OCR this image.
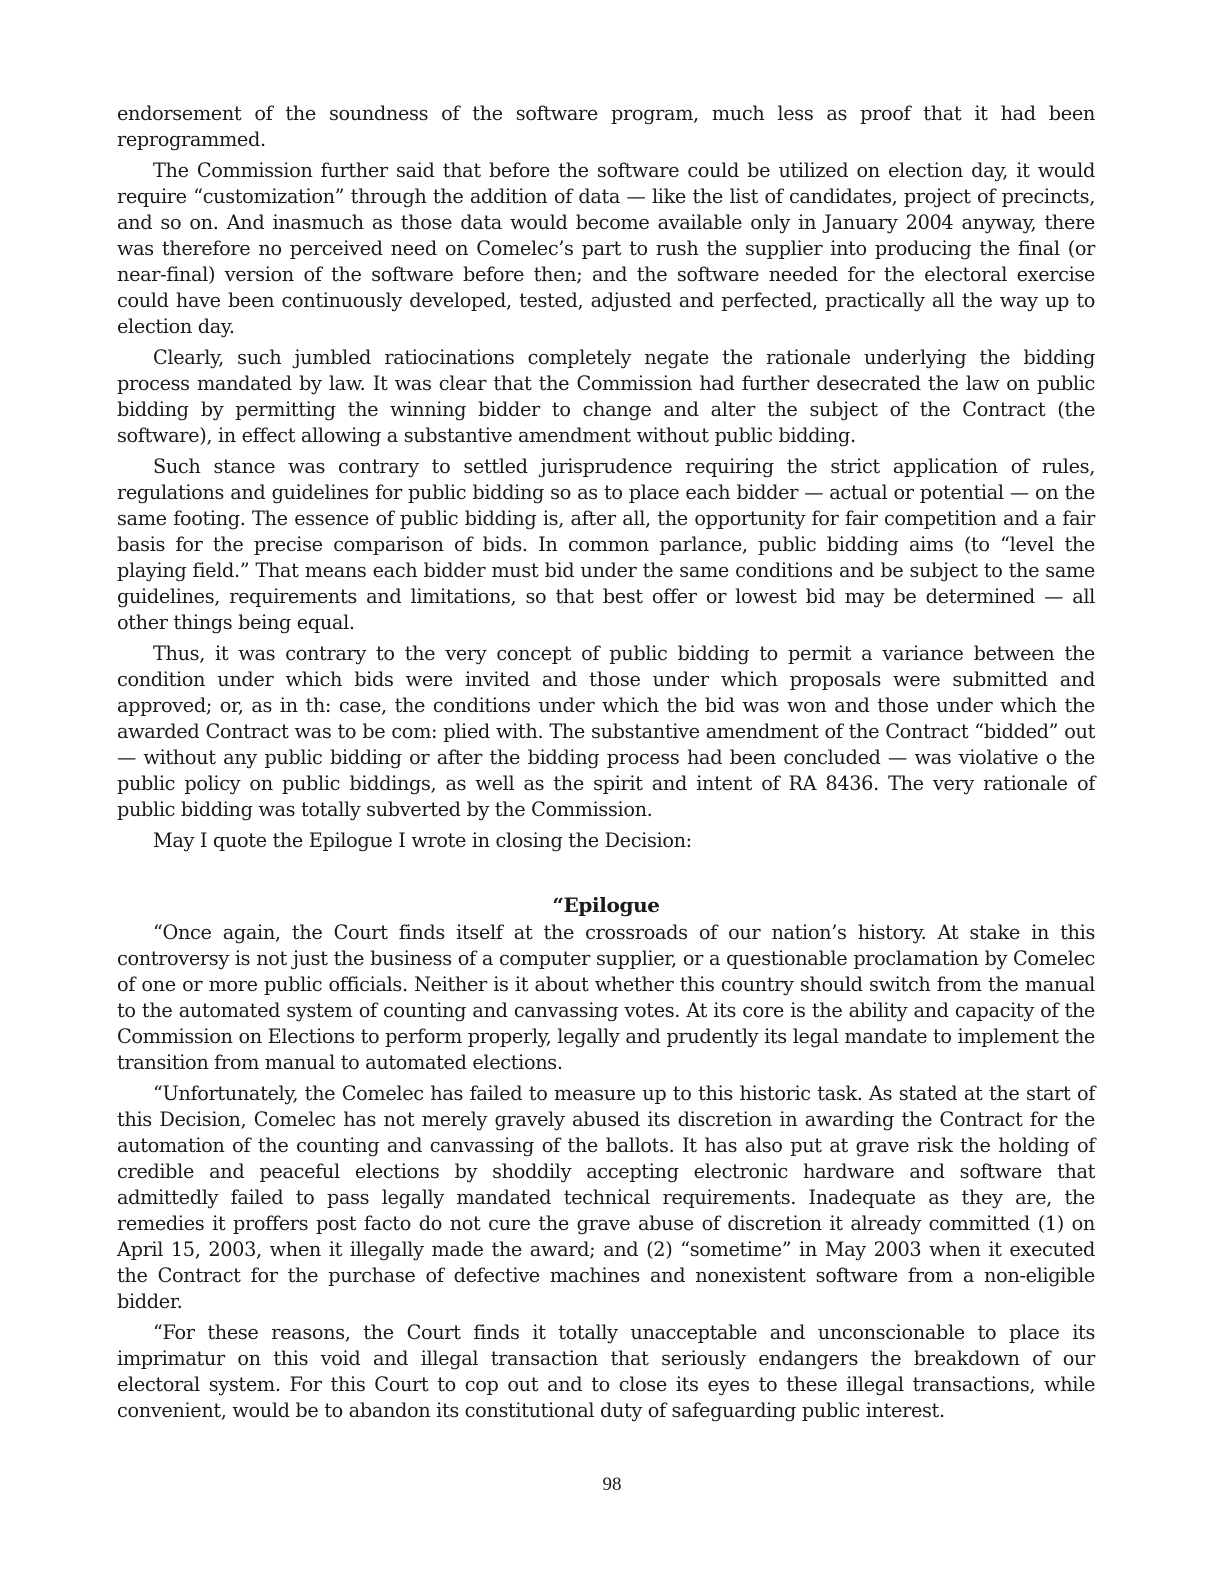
endorsement of the soundness of the software program, much less as proof that it had been reprogrammed.

The Commission further said that before the software could be utilized on election day, it would require “customization” through the addition of data — like the list of candidates, project of precincts, and so on. And inasmuch as those data would become available only in January 2004 anyway, there was therefore no perceived need on Comelec’s part to rush the supplier into producing the final (or near-final) version of the software before then; and the software needed for the electoral exercise could have been continuously developed, tested, adjusted and perfected, practically all the way up to election day.

Clearly, such jumbled ratiocinations completely negate the rationale underlying the bidding process mandated by law. It was clear that the Commission had further desecrated the law on public bidding by permitting the winning bidder to change and alter the subject of the Contract (the software), in effect allowing a substantive amendment without public bidding.

Such stance was contrary to settled jurisprudence requiring the strict application of rules, regulations and guidelines for public bidding so as to place each bidder — actual or potential — on the same footing. The essence of public bidding is, after all, the opportunity for fair competition and a fair basis for the precise comparison of bids. In common parlance, public bidding aims (to “level the playing field.” That means each bidder must bid under the same conditions and be subject to the same guidelines, requirements and limitations, so that best offer or lowest bid may be determined — all other things being equal.

Thus, it was contrary to the very concept of public bidding to permit a variance between the condition under which bids were invited and those under which proposals were submitted and approved; or, as in th: case, the conditions under which the bid was won and those under which the awarded Contract was to be com: plied with. The substantive amendment of the Contract “bidded” out — without any public bidding or after the bidding process had been concluded — was violative o the public policy on public biddings, as well as the spirit and intent of RA 8436. The very rationale of public bidding was totally subverted by the Commission.

May I quote the Epilogue I wrote in closing the Decision:

“Epilogue

“Once again, the Court finds itself at the crossroads of our nation’s history. At stake in this controversy is not just the business of a computer supplier, or a questionable proclamation by Comelec of one or more public officials. Neither is it about whether this country should switch from the manual to the automated system of counting and canvassing votes. At its core is the ability and capacity of the Commission on Elections to perform properly, legally and prudently its legal mandate to implement the transition from manual to automated elections.

“Unfortunately, the Comelec has failed to measure up to this historic task. As stated at the start of this Decision, Comelec has not merely gravely abused its discretion in awarding the Contract for the automation of the counting and canvassing of the ballots. It has also put at grave risk the holding of credible and peaceful elections by shoddily accepting electronic hardware and software that admittedly failed to pass legally mandated technical requirements. Inadequate as they are, the remedies it proffers post facto do not cure the grave abuse of discretion it already committed (1) on April 15, 2003, when it illegally made the award; and (2) “sometime” in May 2003 when it executed the Contract for the purchase of defective machines and nonexistent software from a non-eligible bidder.

“For these reasons, the Court finds it totally unacceptable and unconscionable to place its imprimatur on this void and illegal transaction that seriously endangers the breakdown of our electoral system. For this Court to cop out and to close its eyes to these illegal transactions, while convenient, would be to abandon its constitutional duty of safeguarding public interest.

98
